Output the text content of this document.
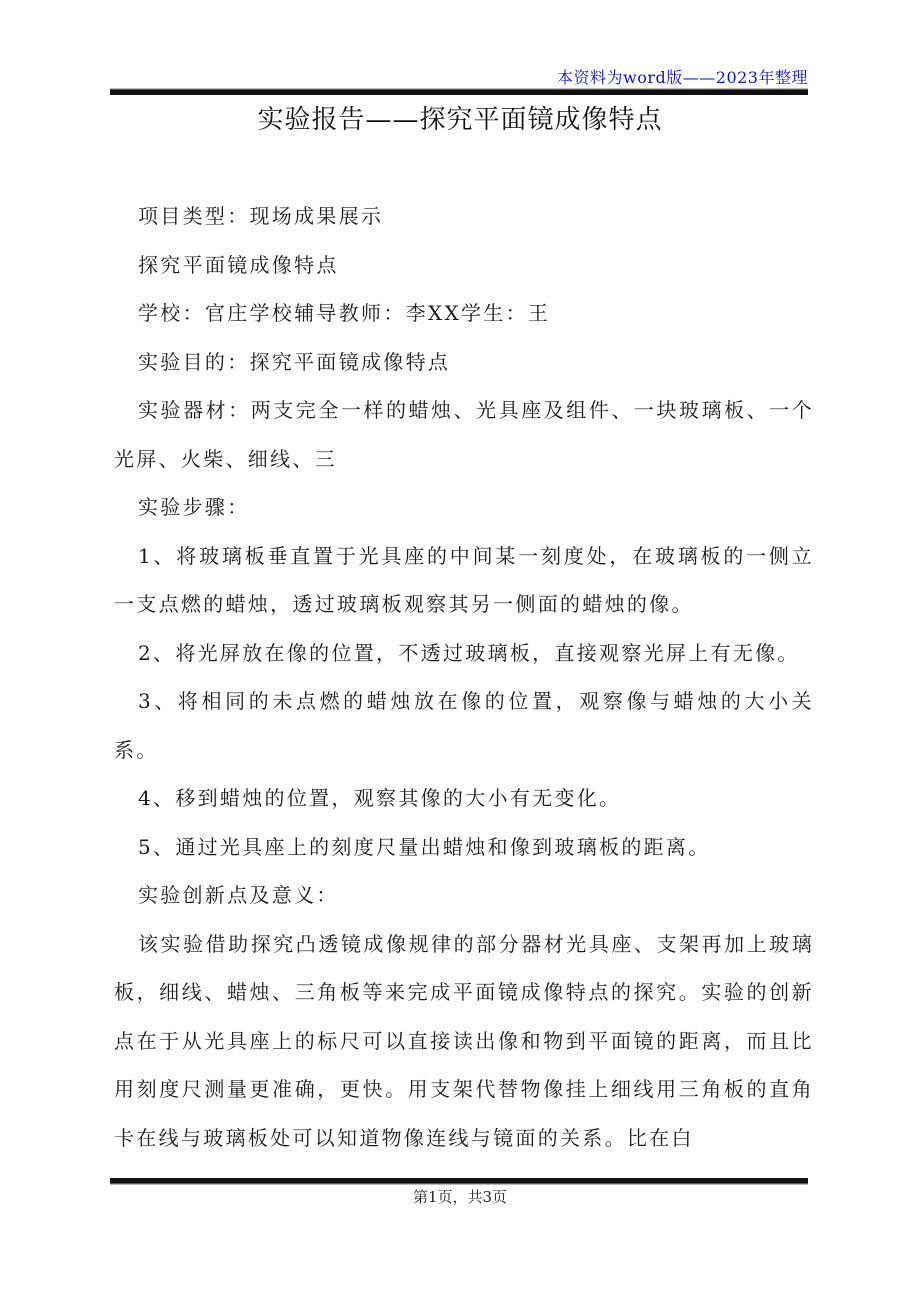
本资料为word版——2023年整理
实验报告——探究平面镜成像特点

项目类型：现场成果展示

探究平面镜成像特点

学校：官庄学校辅导教师：李XX学生：王

实验目的：探究平面镜成像特点

实验器材：两支完全一样的蜡烛、光具座及组件、一块玻璃板、一个光屏、火柴、细线、三

实验步骤：

1、将玻璃板垂直置于光具座的中间某一刻度处，在玻璃板的一侧立一支点燃的蜡烛，透过玻璃板观察其另一侧面的蜡烛的像。

2、将光屏放在像的位置，不透过玻璃板，直接观察光屏上有无像。

3、将相同的未点燃的蜡烛放在像的位置，观察像与蜡烛的大小关系。

4、移到蜡烛的位置，观察其像的大小有无变化。

5、通过光具座上的刻度尺量出蜡烛和像到玻璃板的距离。

实验创新点及意义：

该实验借助探究凸透镜成像规律的部分器材光具座、支架再加上玻璃板，细线、蜡烛、三角板等来完成平面镜成像特点的探究。实验的创新点在于从光具座上的标尺可以直接读出像和物到平面镜的距离，而且比用刻度尺测量更准确，更快。用支架代替物像挂上细线用三角板的直角卡在线与玻璃板处可以知道物像连线与镜面的关系。比在白

第1页，共3页
